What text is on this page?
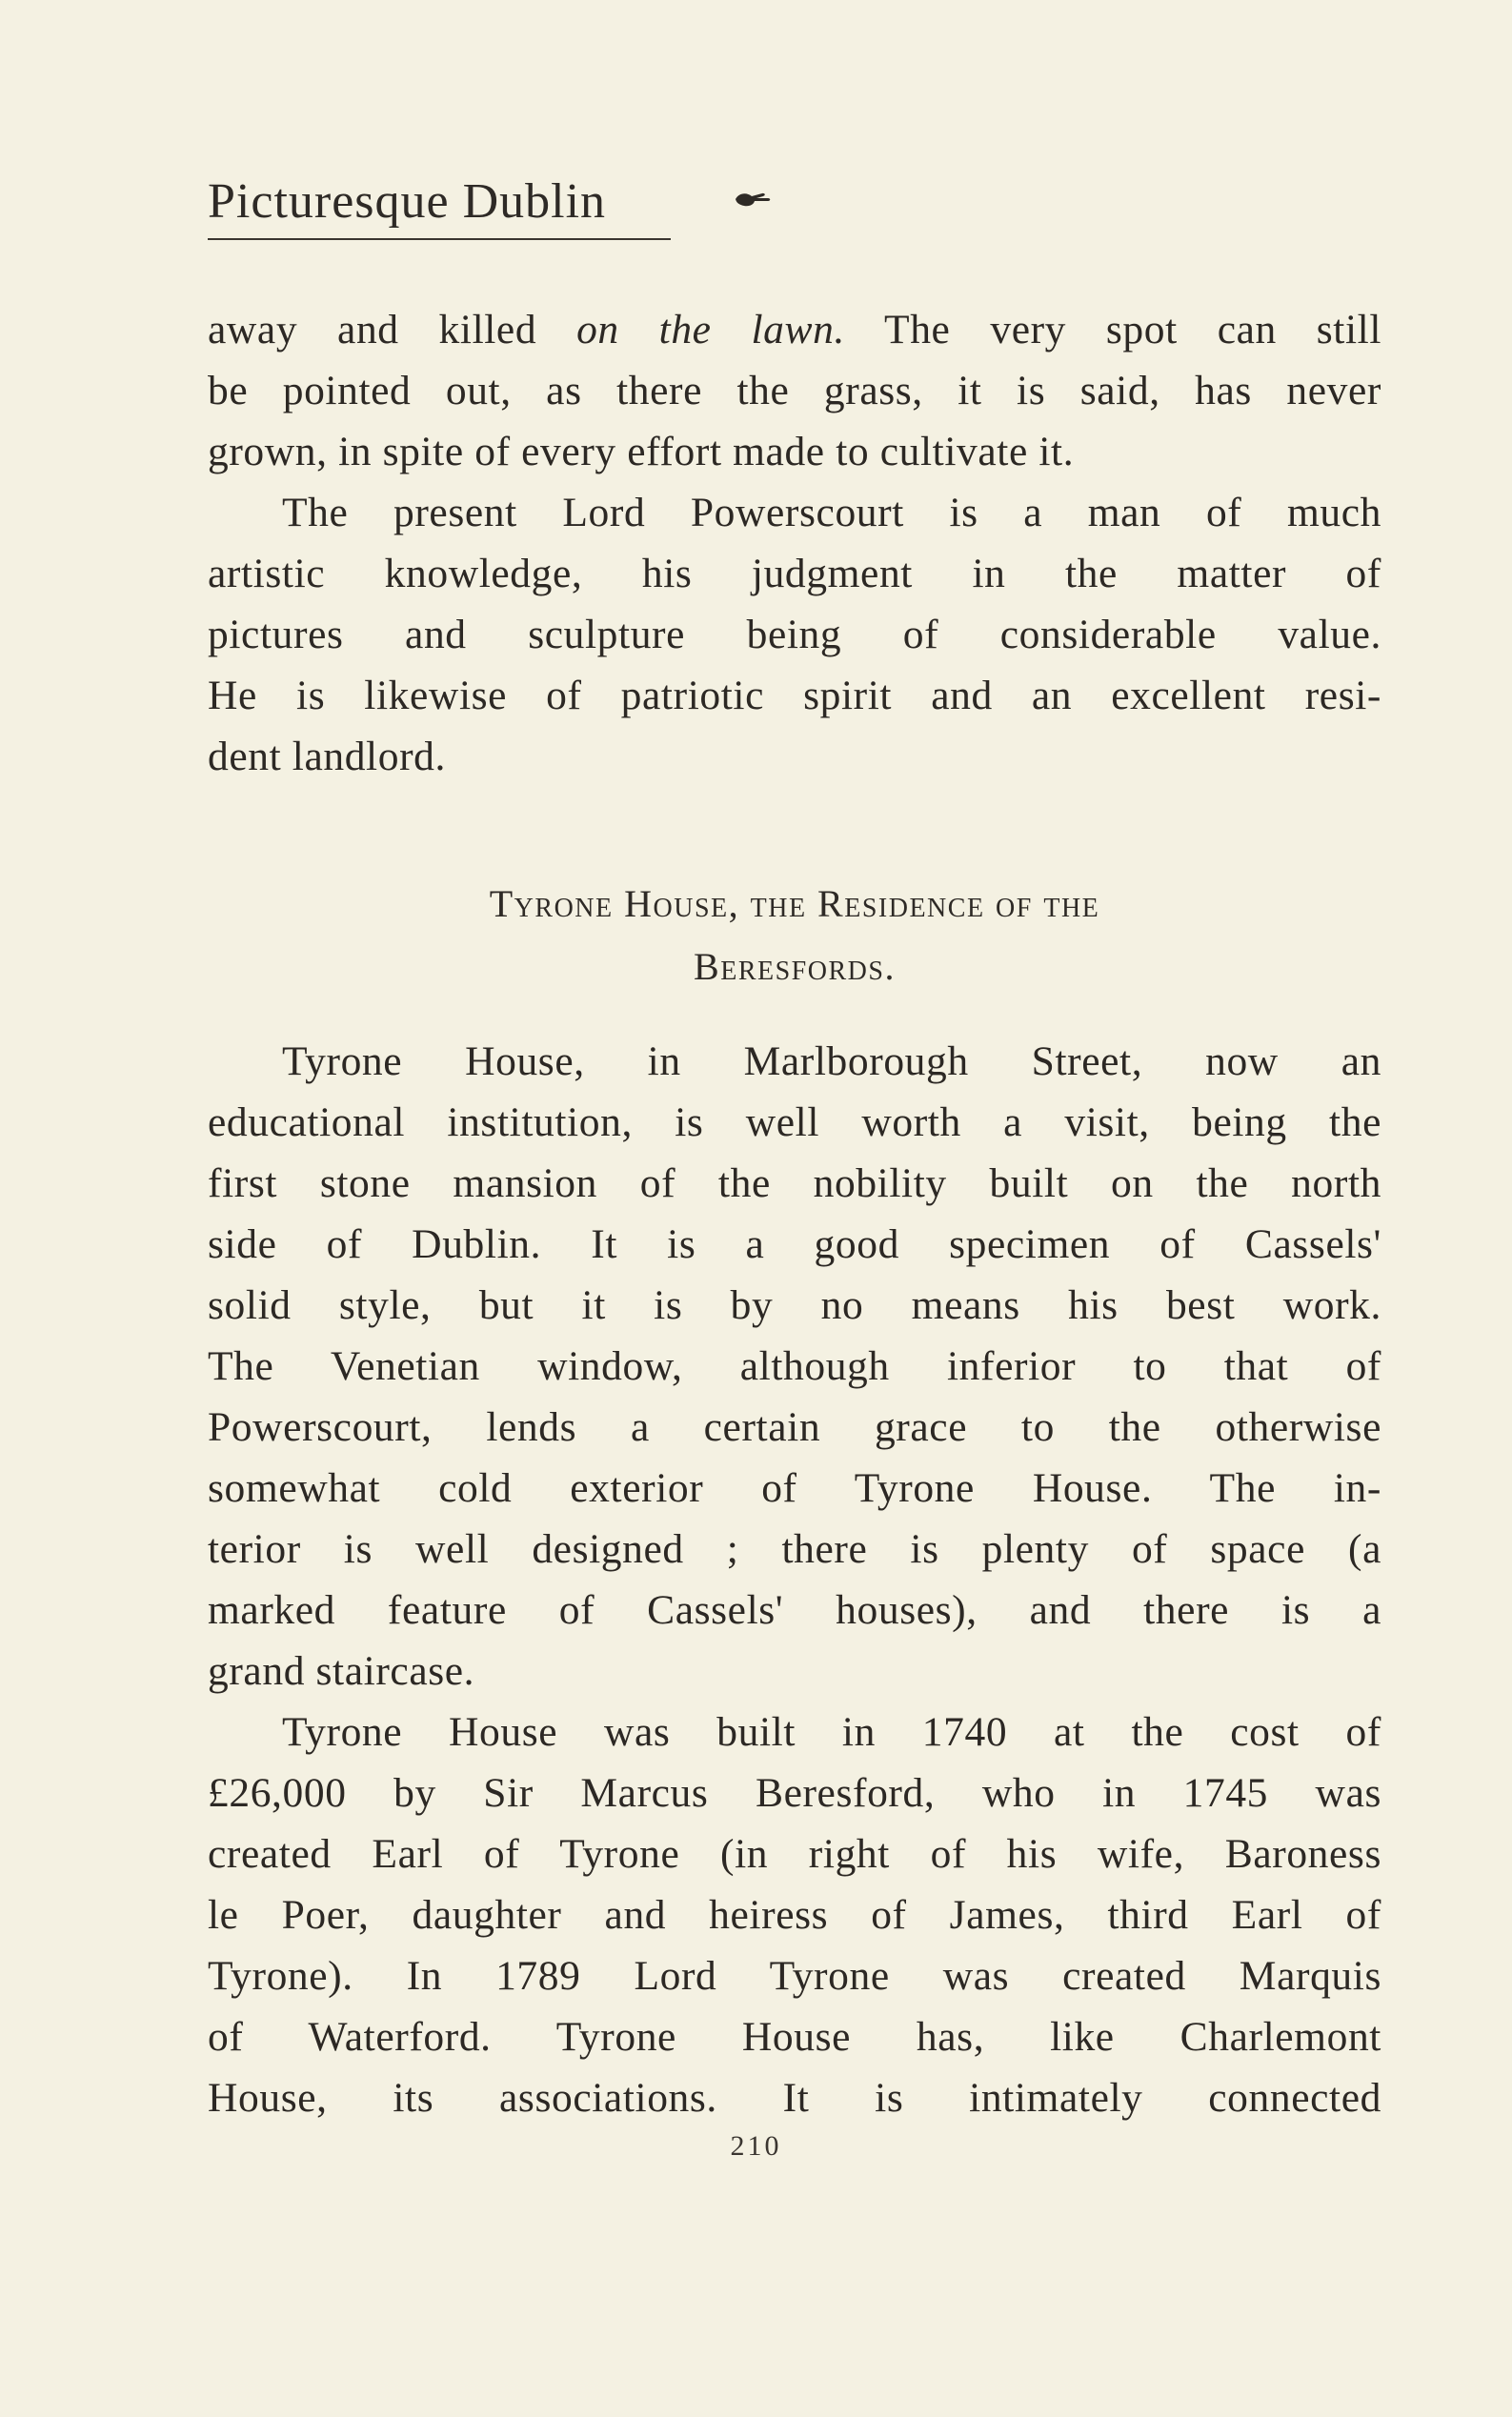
Picturesque Dublin
away and killed on the lawn. The very spot can still
be pointed out, as there the grass, it is said, has never
grown, in spite of every effort made to cultivate it.
The present Lord Powerscourt is a man of much
artistic knowledge, his judgment in the matter of
pictures and sculpture being of considerable value.
He is likewise of patriotic spirit and an excellent resi-
dent landlord.
Tyrone House, the Residence of the
Beresfords.
Tyrone House, in Marlborough Street, now an
educational institution, is well worth a visit, being the
first stone mansion of the nobility built on the north
side of Dublin. It is a good specimen of Cassels'
solid style, but it is by no means his best work.
The Venetian window, although inferior to that of
Powerscourt, lends a certain grace to the otherwise
somewhat cold exterior of Tyrone House. The in-
terior is well designed ; there is plenty of space (a
marked feature of Cassels' houses), and there is a
grand staircase.
Tyrone House was built in 1740 at the cost of
£26,000 by Sir Marcus Beresford, who in 1745 was
created Earl of Tyrone (in right of his wife, Baroness
le Poer, daughter and heiress of James, third Earl of
Tyrone). In 1789 Lord Tyrone was created Marquis
of Waterford. Tyrone House has, like Charlemont
House, its associations. It is intimately connected
210
